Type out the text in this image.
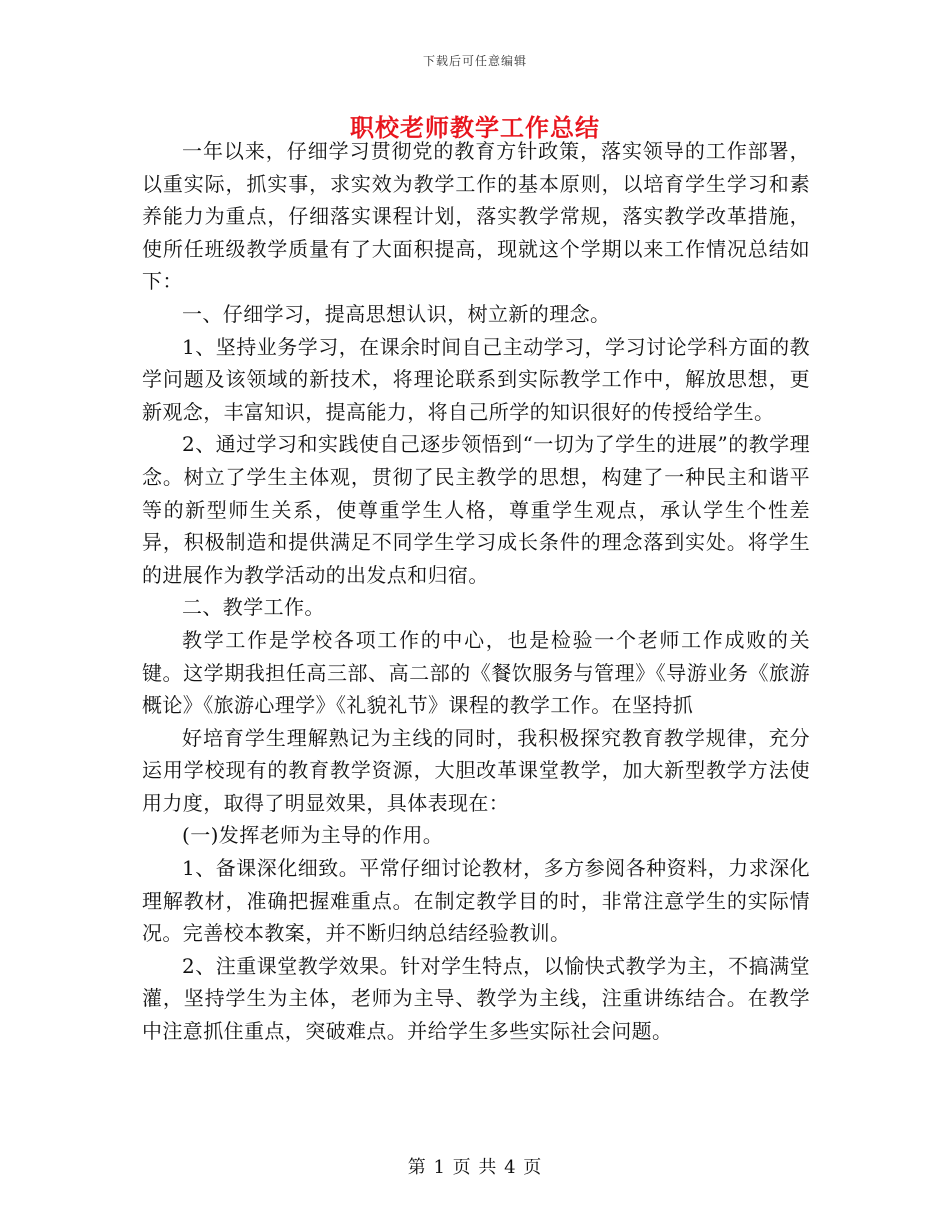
下载后可任意编辑
职校老师教学工作总结

一年以来，仔细学习贯彻党的教育方针政策，落实领导的工作部署，以重实际，抓实事，求实效为教学工作的基本原则，以培育学生学习和素养能力为重点，仔细落实课程计划，落实教学常规，落实教学改革措施，使所任班级教学质量有了大面积提高，现就这个学期以来工作情况总结如下：

一、仔细学习，提高思想认识，树立新的理念。

1、坚持业务学习，在课余时间自己主动学习，学习讨论学科方面的教学问题及该领域的新技术，将理论联系到实际教学工作中，解放思想，更新观念，丰富知识，提高能力，将自己所学的知识很好的传授给学生。

2、通过学习和实践使自己逐步领悟到“一切为了学生的进展”的教学理念。树立了学生主体观，贯彻了民主教学的思想，构建了一种民主和谐平等的新型师生关系，使尊重学生人格，尊重学生观点，承认学生个性差异，积极制造和提供满足不同学生学习成长条件的理念落到实处。将学生的进展作为教学活动的出发点和归宿。

二、教学工作。

教学工作是学校各项工作的中心，也是检验一个老师工作成败的关键。这学期我担任高三部、高二部的《餐饮服务与管理》《导游业务《旅游概论》《旅游心理学》《礼貌礼节》课程的教学工作。在坚持抓

好培育学生理解熟记为主线的同时，我积极探究教育教学规律，充分运用学校现有的教育教学资源，大胆改革课堂教学，加大新型教学方法使用力度，取得了明显效果，具体表现在：

(一)发挥老师为主导的作用。

1、备课深化细致。平常仔细讨论教材，多方参阅各种资料，力求深化理解教材，准确把握难重点。在制定教学目的时，非常注意学生的实际情况。完善校本教案，并不断归纳总结经验教训。

2、注重课堂教学效果。针对学生特点，以愉快式教学为主，不搞满堂灌，坚持学生为主体，老师为主导、教学为主线，注重讲练结合。在教学中注意抓住重点，突破难点。并给学生多些实际社会问题。

第 1 页 共 4 页
